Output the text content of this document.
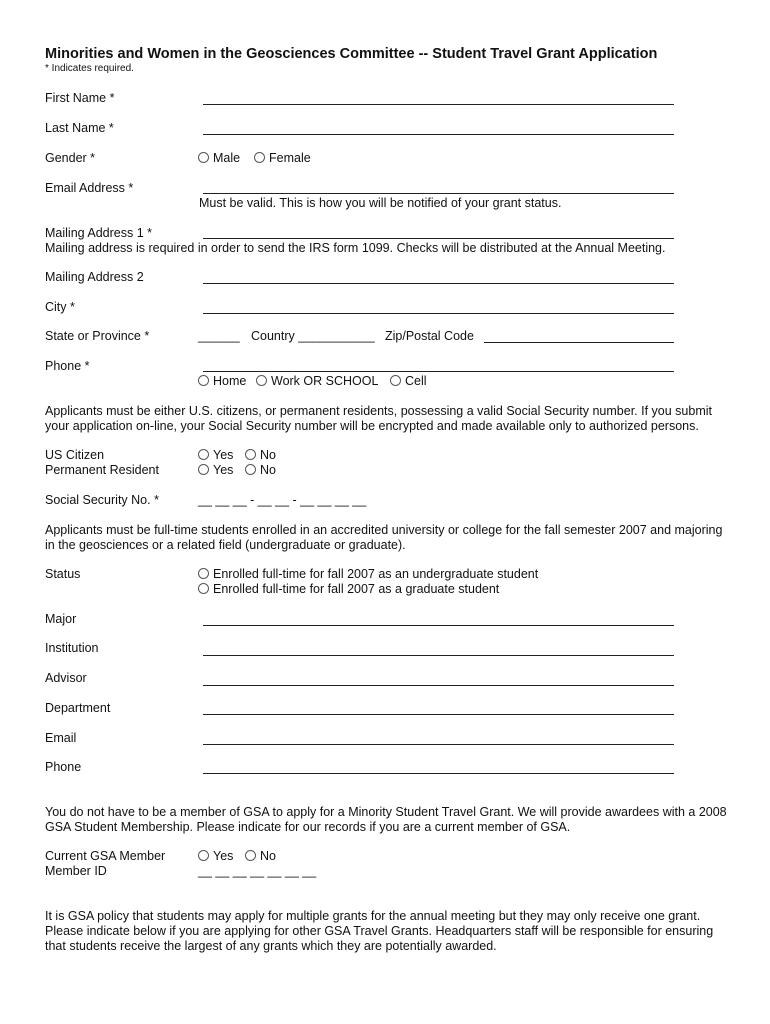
Minorities and Women in the Geosciences Committee -- Student Travel Grant Application
* Indicates required.
First Name *
Last Name *
Gender *	Male	Female
Email Address *
Must be valid. This is how you will be notified of your grant status.
Mailing Address 1 *
Mailing address is required in order to send the IRS form 1099. Checks will be distributed at the Annual Meeting.
Mailing Address 2
City *
State or Province *	______ Country ___________ Zip/Postal Code
Phone *
Home	Work OR SCHOOL	Cell
Applicants must be either U.S. citizens, or permanent residents, possessing a valid Social Security number. If you submit your application on-line, your Social Security number will be encrypted and made available only to authorized persons.
US Citizen	Yes	No
Permanent Resident	Yes	No
Social Security No. *	__ __ __ - __ __ - __ __ __ __
Applicants must be full-time students enrolled in an accredited university or college for the fall semester 2007 and majoring in the geosciences or a related field (undergraduate or graduate).
Status	Enrolled full-time for fall 2007 as an undergraduate student
Enrolled full-time for fall 2007 as a graduate student
Major
Institution
Advisor
Department
Email
Phone
You do not have to be a member of GSA to apply for a Minority Student Travel Grant. We will provide awardees with a 2008 GSA Student Membership. Please indicate for our records if you are a current member of GSA.
Current GSA Member	Yes	No
Member ID	__ __ __ __ __ __ __
It is GSA policy that students may apply for multiple grants for the annual meeting but they may only receive one grant. Please indicate below if you are applying for other GSA Travel Grants. Headquarters staff will be responsible for ensuring that students receive the largest of any grants which they are potentially awarded.
